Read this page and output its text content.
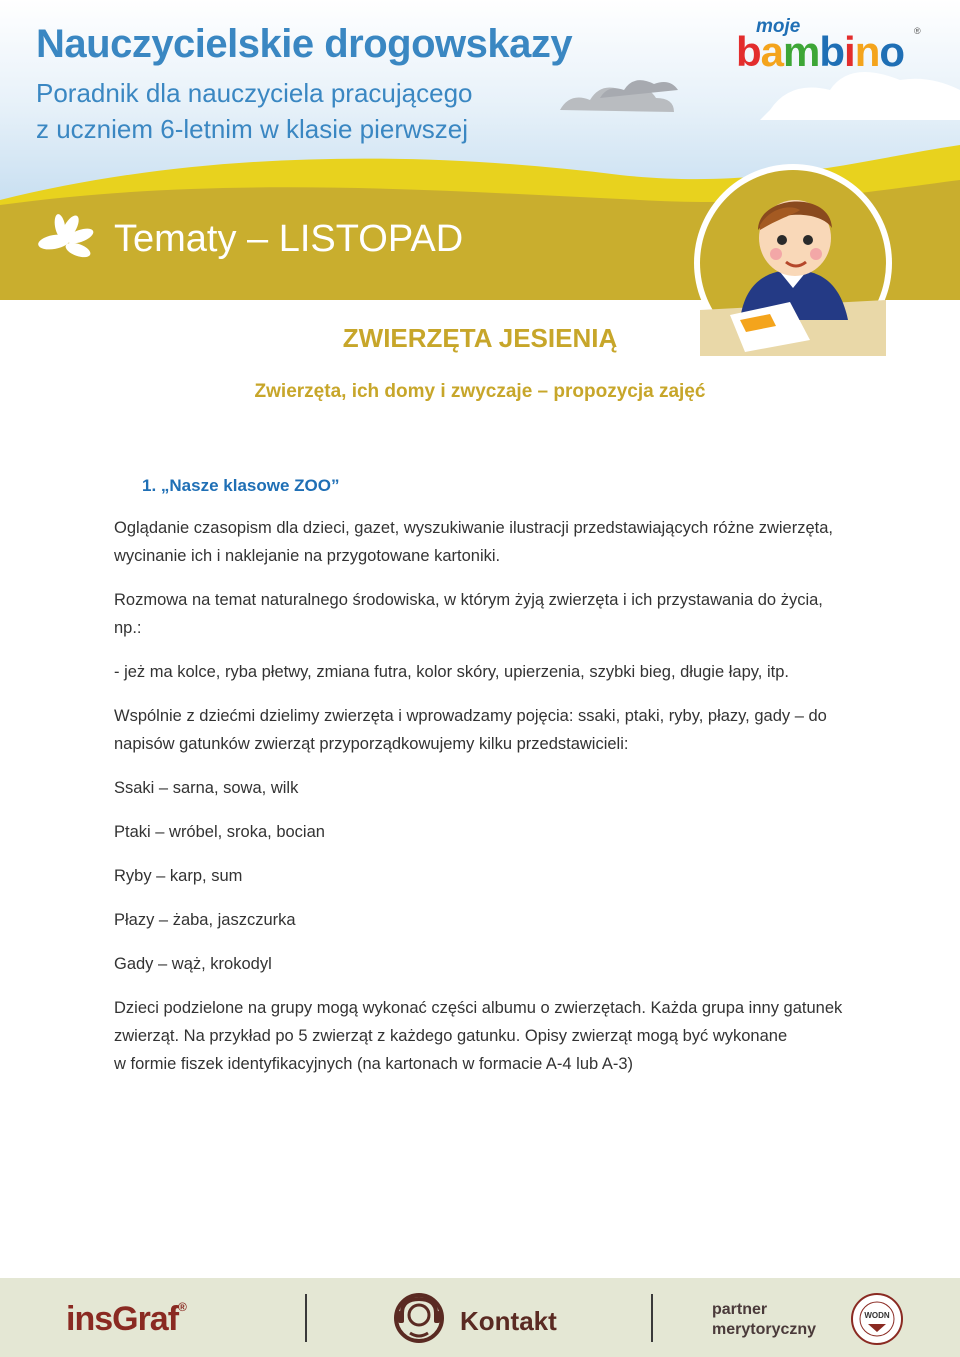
Nauczycielskie drogowskazy
Poradnik dla nauczyciela pracującego
z uczniem 6-letnim w klasie pierwszej
Tematy – LISTOPAD
moje
bambino ®
ZWIERZĘTA JESIENIĄ
Zwierzęta, ich domy i zwyczaje – propozycja zajęć
1. „Nasze klasowe ZOO”
Oglądanie czasopism dla dzieci, gazet, wyszukiwanie ilustracji przedstawiających różne zwierzęta,
wycinanie ich i naklejanie na przygotowane kartoniki.
Rozmowa na temat naturalnego środowiska, w którym żyją zwierzęta i ich przystawania do życia,
np.:
- jeż ma kolce, ryba płetwy, zmiana futra, kolor skóry, upierzenia, szybki bieg, długie łapy, itp.
Wspólnie z dziećmi dzielimy zwierzęta i wprowadzamy pojęcia: ssaki, ptaki, ryby, płazy, gady – do
napisów gatunków zwierząt przyporządkowujemy kilku przedstawicieli:
Ssaki – sarna, sowa, wilk
Ptaki – wróbel, sroka, bocian
Ryby – karp, sum
Płazy – żaba, jaszczurka
Gady – wąż, krokodyl
Dzieci podzielone na grupy mogą wykonać części albumu o zwierzętach. Każda grupa inny gatunek
zwierząt. Na przykład po 5 zwierząt z każdego gatunku. Opisy zwierząt mogą być wykonane
w formie fiszek identyfikacyjnych (na kartonach w formacie A-4 lub A-3)
insGraf®	Kontakt	partner
merytoryczny
WODN
